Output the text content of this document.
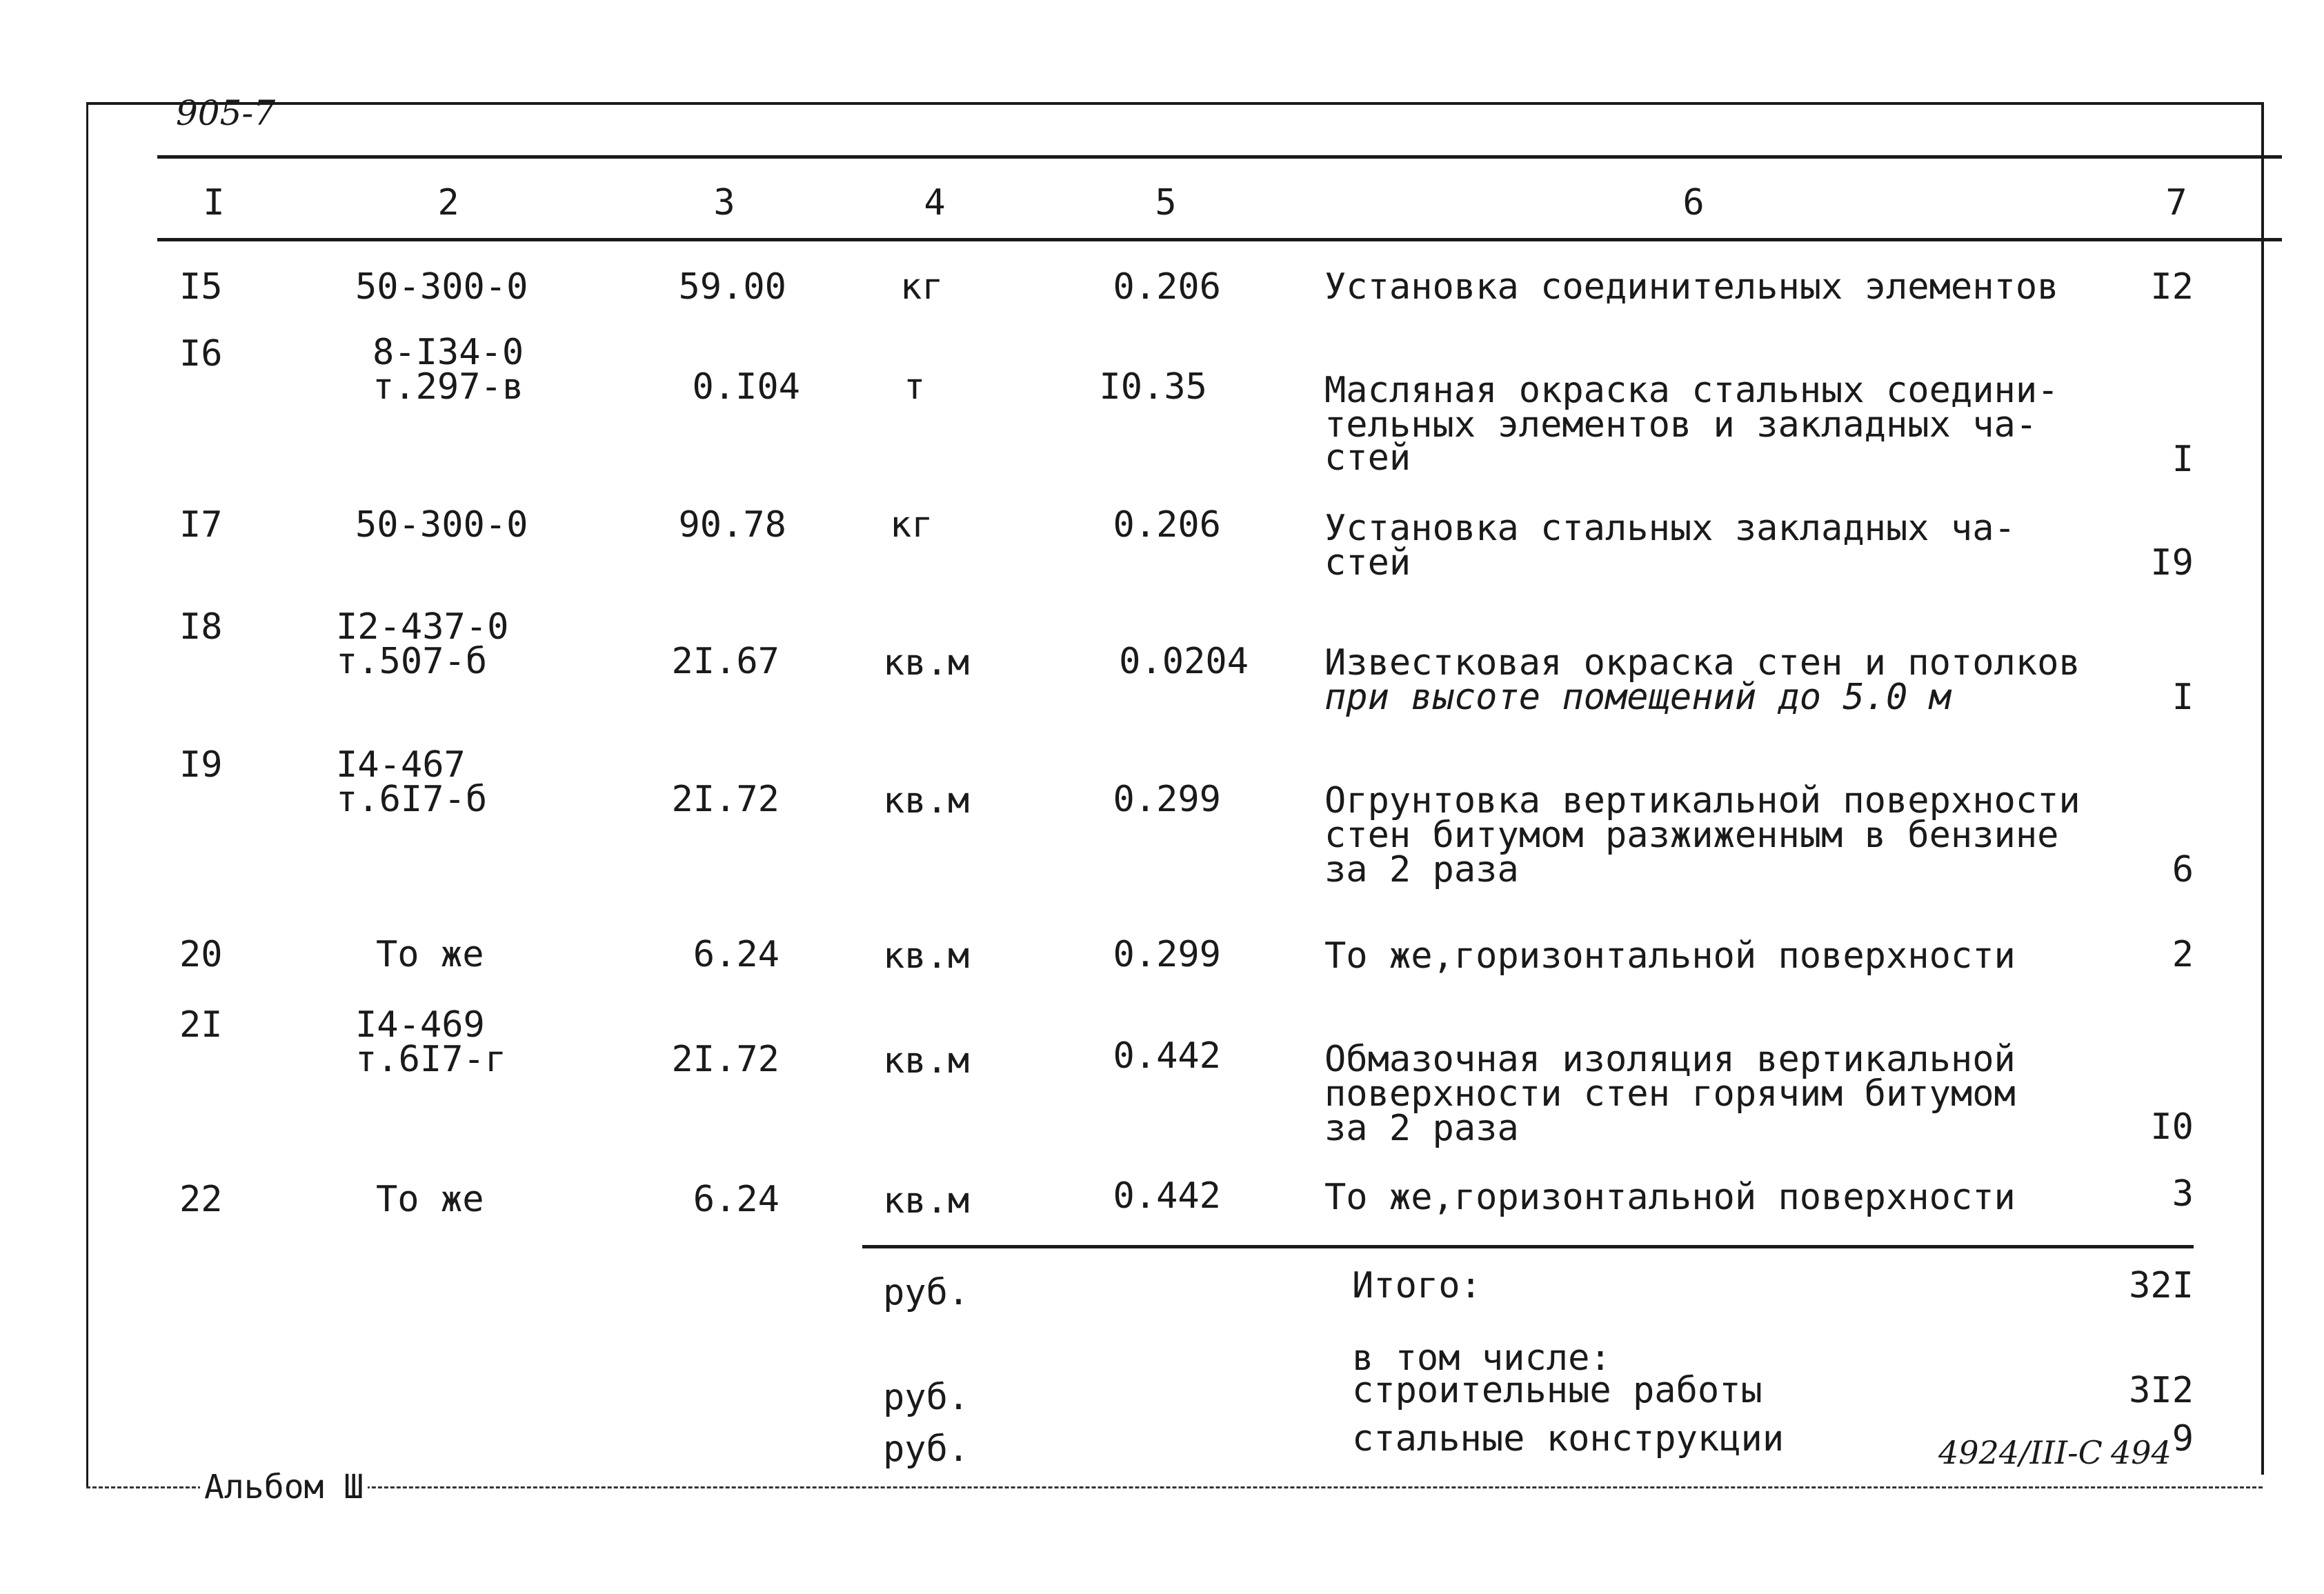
905-7
I	2	3	4	5	6	7
I5	50-300-0	59.00	кг	0.206	Установка соединительных элементов	I2
I6	8-I34-0
т.297-в	0.I04	т	I0.35	Масляная окраска стальных соедини-
тельных элементов и закладных ча-
стей	I
I7	50-300-0	90.78	кг	0.206	Установка стальных закладных ча-
стей	I9
I8	I2-437-0
т.507-б	2I.67	кв.м	0.0204 Известковая окраска стен и потолков
при высоте помещений до 5.0 м	I
I9	I4-467
т.6I7-б	2I.72	кв.м	0.299	Огрунтовка вертикальной поверхности
стен битумом разжиженным в бензине
за 2 раза	6
20	То же	6.24	кв.м	0.299	То же,горизонтальной поверхности	2
2I	I4-469
т.6I7-г	2I.72	кв.м	0.442	Обмазочная изоляция вертикальной
поверхности стен горячим битумом
за 2 раза	I0
22	То же	6.24	кв.м	0.442	То же,горизонтальной поверхности	3
руб.	Итого:	32I
в том числе:
руб.	строительные работы	3I2
руб.	стальные конструкции	9
4924/III-С 494
Альбом Ш
